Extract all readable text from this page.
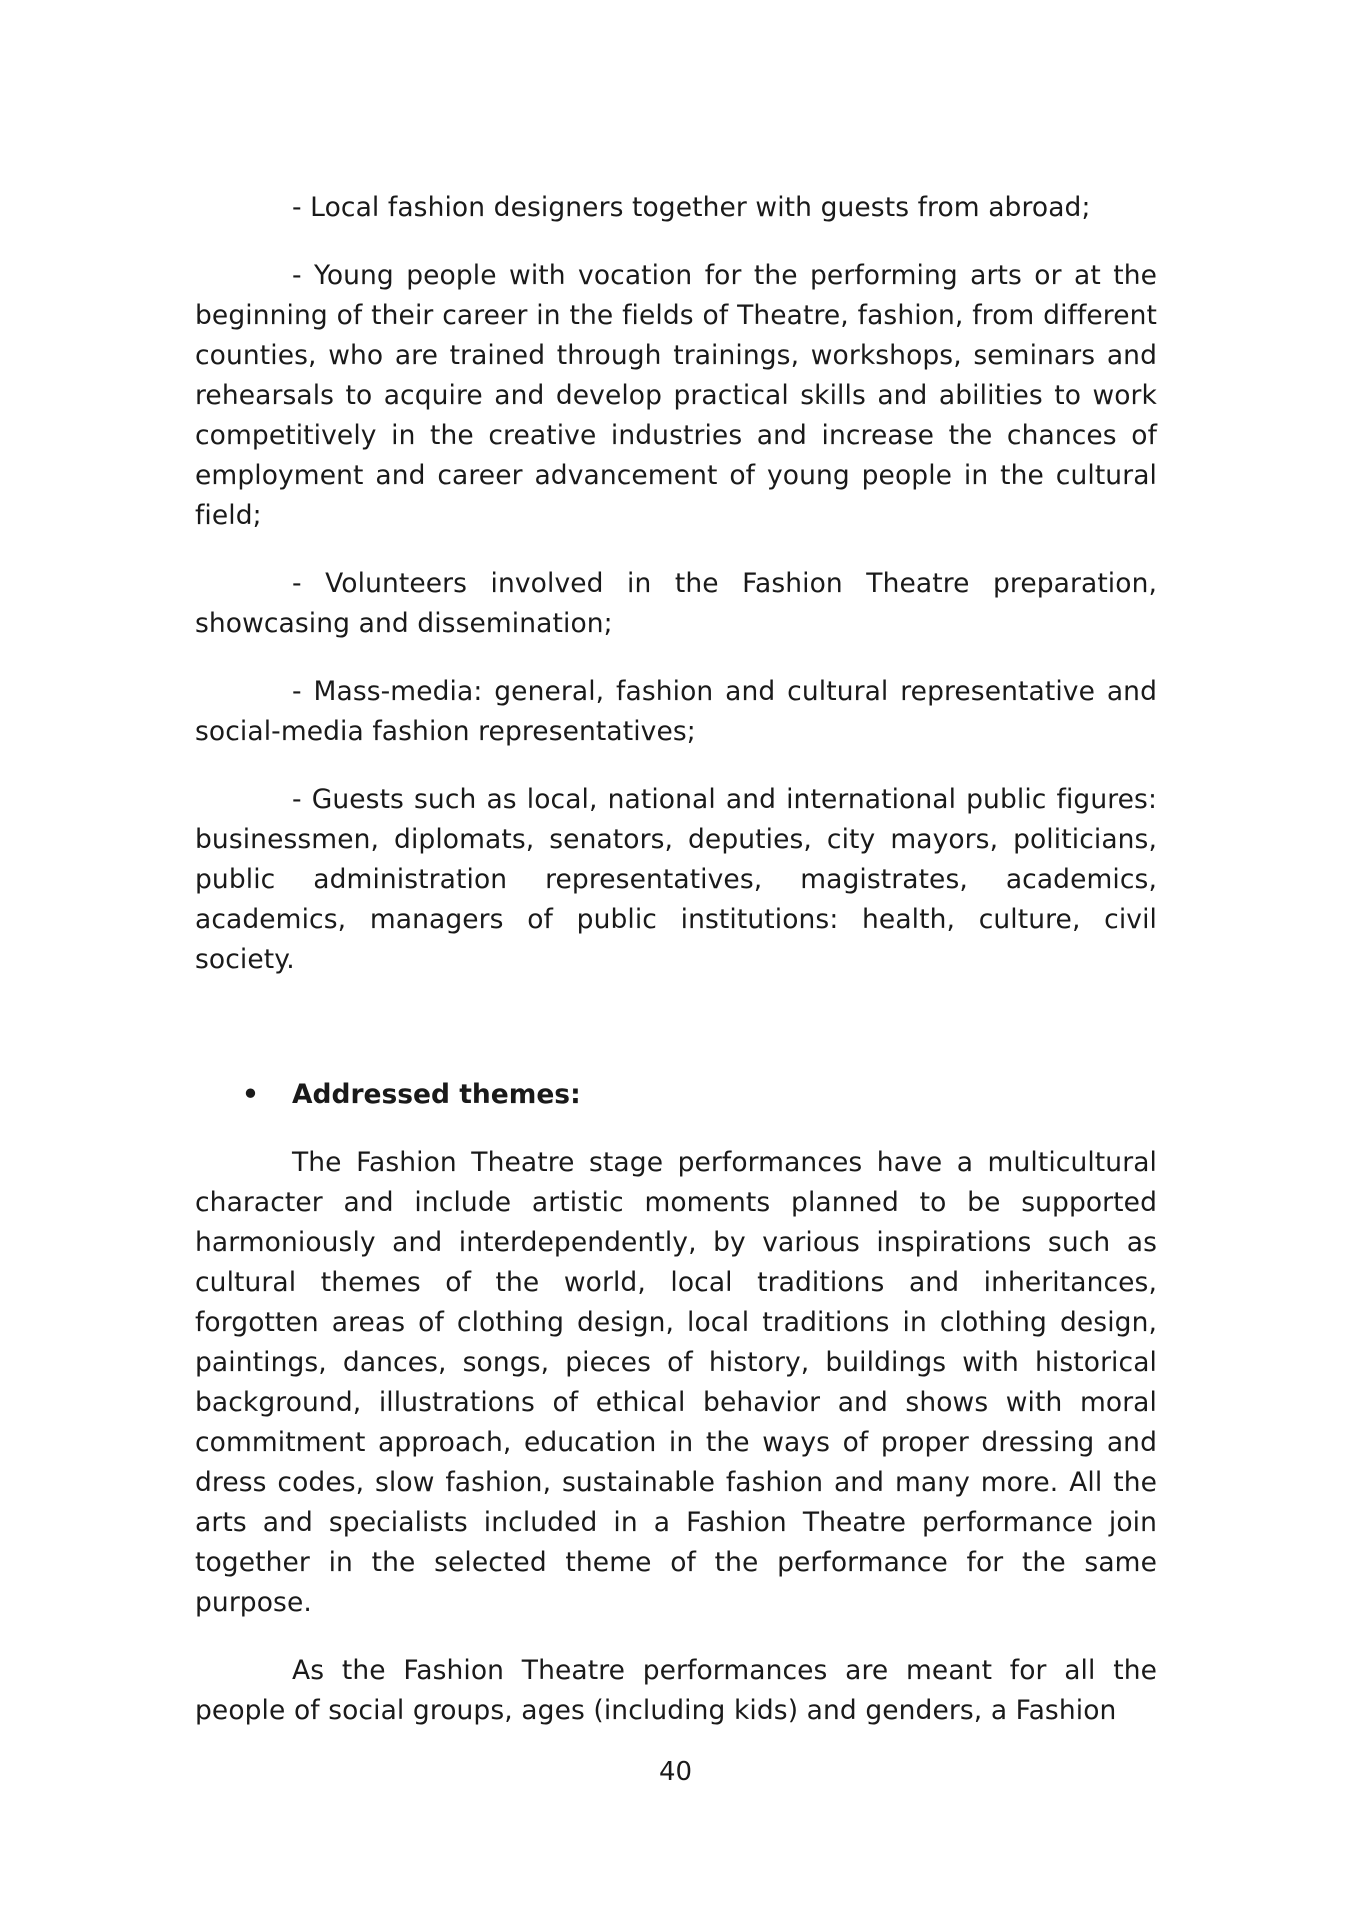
- Local fashion designers together with guests from abroad;

- Young people with vocation for the performing arts or at the beginning of their career in the fields of Theatre, fashion, from different counties, who are trained through trainings, workshops, seminars and rehearsals to acquire and develop practical skills and abilities to work competitively in the creative industries and increase the chances of employment and career advancement of young people in the cultural field;

- Volunteers involved in the Fashion Theatre preparation, showcasing and dissemination;

- Mass-media: general, fashion and cultural representative and social-media fashion representatives;

- Guests such as local, national and international public figures: businessmen, diplomats, senators, deputies, city mayors, politicians, public administration representatives, magistrates, academics, academics, managers of public institutions: health, culture, civil society.

• Addressed themes:

The Fashion Theatre stage performances have a multicultural character and include artistic moments planned to be supported harmoniously and interdependently, by various inspirations such as cultural themes of the world, local traditions and inheritances, forgotten areas of clothing design, local traditions in clothing design, paintings, dances, songs, pieces of history, buildings with historical background, illustrations of ethical behavior and shows with moral commitment approach, education in the ways of proper dressing and dress codes, slow fashion, sustainable fashion and many more. All the arts and specialists included in a Fashion Theatre performance join together in the selected theme of the performance for the same purpose.

As the Fashion Theatre performances are meant for all the people of social groups, ages (including kids) and genders, a Fashion

40
